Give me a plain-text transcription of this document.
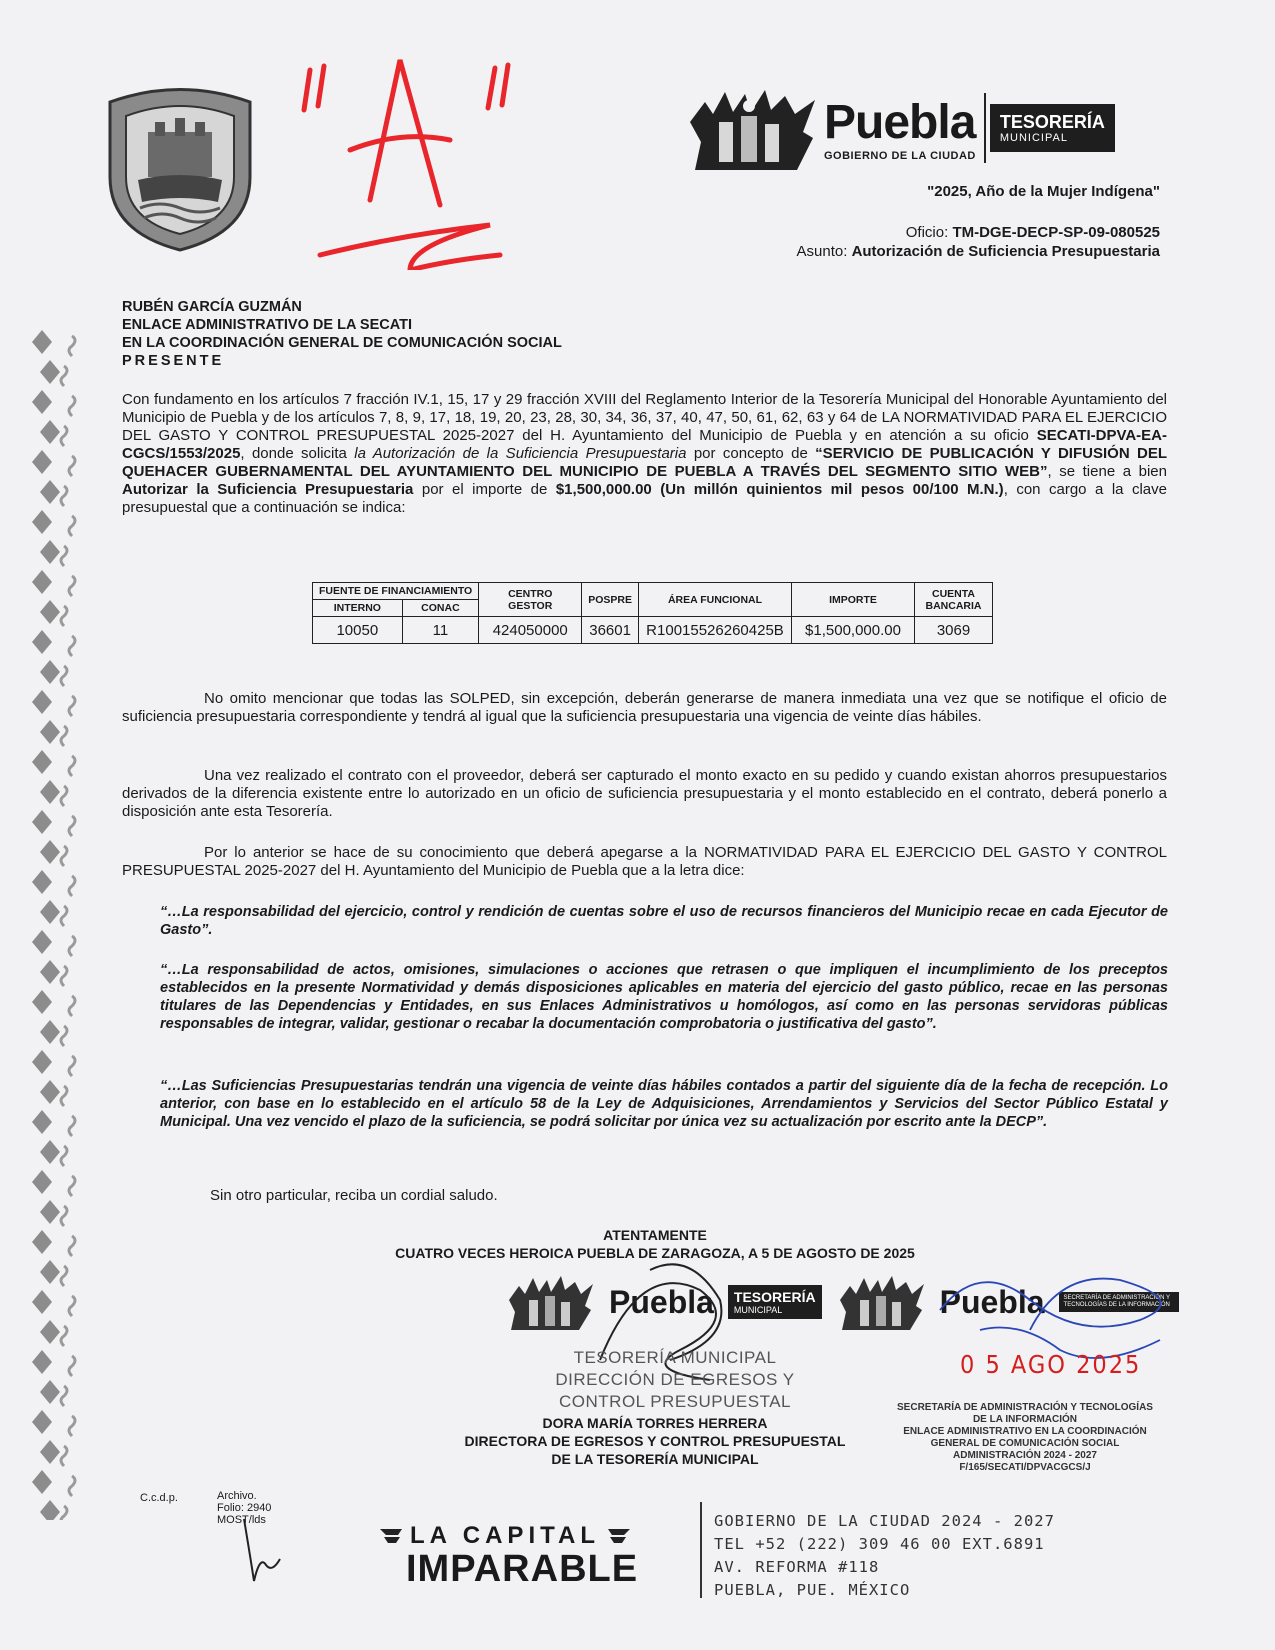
Puebla
GOBIERNO DE LA CIUDAD
TESORERÍA
MUNICIPAL
"2025, Año de la Mujer Indígena"
Oficio: TM-DGE-DECP-SP-09-080525
Asunto: Autorización de Suficiencia Presupuestaria
RUBÉN GARCÍA GUZMÁN
ENLACE ADMINISTRATIVO DE LA SECATI
EN LA COORDINACIÓN GENERAL DE COMUNICACIÓN SOCIAL
PRESENTE
Con fundamento en los artículos 7 fracción IV.1, 15, 17 y 29 fracción XVIII del Reglamento Interior de la Tesorería Municipal del Honorable Ayuntamiento del Municipio de Puebla y de los artículos 7, 8, 9, 17, 18, 19, 20, 23, 28, 30, 34, 36, 37, 40, 47, 50, 61, 62, 63 y 64 de LA NORMATIVIDAD PARA EL EJERCICIO DEL GASTO Y CONTROL PRESUPUESTAL 2025-2027 del H. Ayuntamiento del Municipio de Puebla y en atención a su oficio SECATI-DPVA-EA-CGCS/1553/2025, donde solicita la Autorización de la Suficiencia Presupuestaria por concepto de “SERVICIO DE PUBLICACIÓN Y DIFUSIÓN DEL QUEHACER GUBERNAMENTAL DEL AYUNTAMIENTO DEL MUNICIPIO DE PUEBLA A TRAVÉS DEL SEGMENTO SITIO WEB”, se tiene a bien Autorizar la Suficiencia Presupuestaria por el importe de $1,500,000.00 (Un millón quinientos mil pesos 00/100 M.N.), con cargo a la clave presupuestal que a continuación se indica:
FUENTE DE FINANCIAMIENTO		CENTRO GESTOR	POSPRE	ÁREA FUNCIONAL	IMPORTE	CUENTA BANCARIA
INTERNO	CONAC					
10050	11	424050000	36601	R10015526260425B	$1,500,000.00	3069
No omito mencionar que todas las SOLPED, sin excepción, deberán generarse de manera inmediata una vez que se notifique el oficio de suficiencia presupuestaria correspondiente y tendrá al igual que la suficiencia presupuestaria una vigencia de veinte días hábiles.
Una vez realizado el contrato con el proveedor, deberá ser capturado el monto exacto en su pedido y cuando existan ahorros presupuestarios derivados de la diferencia existente entre lo autorizado en un oficio de suficiencia presupuestaria y el monto establecido en el contrato, deberá ponerlo a disposición ante esta Tesorería.
Por lo anterior se hace de su conocimiento que deberá apegarse a la NORMATIVIDAD PARA EL EJERCICIO DEL GASTO Y CONTROL PRESUPUESTAL 2025-2027 del H. Ayuntamiento del Municipio de Puebla que a la letra dice:
“…La responsabilidad del ejercicio, control y rendición de cuentas sobre el uso de recursos financieros del Municipio recae en cada Ejecutor de Gasto”.
“…La responsabilidad de actos, omisiones, simulaciones o acciones que retrasen o que impliquen el incumplimiento de los preceptos establecidos en la presente Normatividad y demás disposiciones aplicables en materia del ejercicio del gasto público, recae en las personas titulares de las Dependencias y Entidades, en sus Enlaces Administrativos u homólogos, así como en las personas servidoras públicas responsables de integrar, validar, gestionar o recabar la documentación comprobatoria o justificativa del gasto”.
“…Las Suficiencias Presupuestarias tendrán una vigencia de veinte días hábiles contados a partir del siguiente día de la fecha de recepción. Lo anterior, con base en lo establecido en el artículo 58 de la Ley de Adquisiciones, Arrendamientos y Servicios del Sector Público Estatal y Municipal. Una vez vencido el plazo de la suficiencia, se podrá solicitar por única vez su actualización por escrito ante la DECP”.
Sin otro particular, reciba un cordial saludo.
ATENTAMENTE
CUATRO VECES HEROICA PUEBLA DE ZARAGOZA, A 5 DE AGOSTO DE 2025
Puebla TESORERÍA
MUNICIPAL	Puebla	SECRETARÍA DE ADMINISTRACIÓN Y TECNOLOGÍAS DE LA INFORMACIÓN
TESORERÍA MUNICIPAL
DIRECCIÓN DE EGRESOS Y
CONTROL PRESUPUESTAL
0 5 AGO 2025
DORA MARÍA TORRES HERRERA
DIRECTORA DE EGRESOS Y CONTROL PRESUPUESTAL
DE LA TESORERÍA MUNICIPAL
SECRETARÍA DE ADMINISTRACIÓN Y TECNOLOGÍAS
DE LA INFORMACIÓN
ENLACE ADMINISTRATIVO EN LA COORDINACIÓN
GENERAL DE COMUNICACIÓN SOCIAL
ADMINISTRACIÓN 2024 - 2027
F/165/SECATI/DPVACGCS/J
C.c.d.p.	Archivo.
Folio: 2940
MOST/lds
LA CAPITAL
IMPARABLE
GOBIERNO DE LA CIUDAD 2024 - 2027
TEL +52 (222) 309 46 00 EXT.6891
AV. REFORMA #118
PUEBLA, PUE. MÉXICO
